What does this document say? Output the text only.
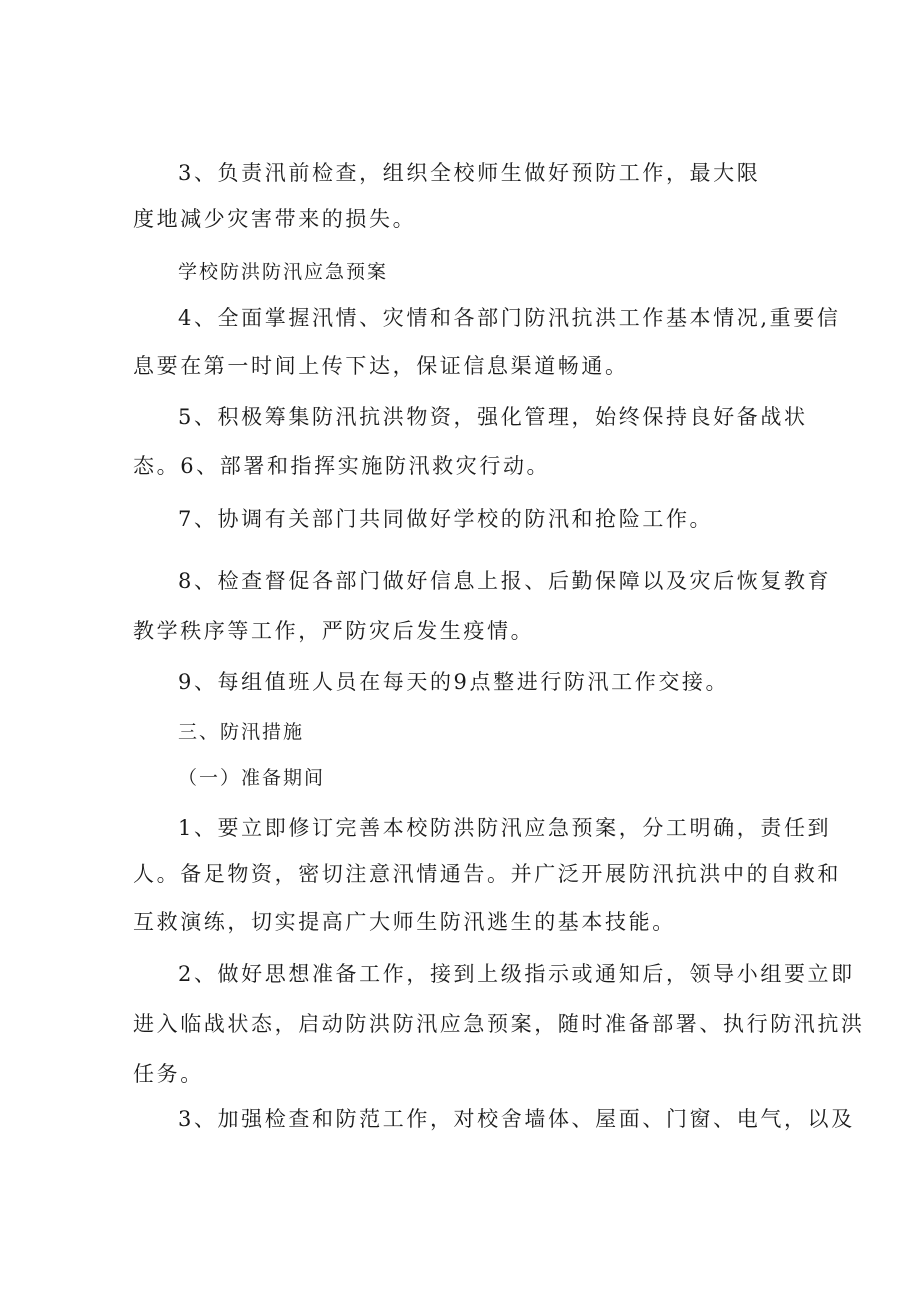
3、负责汛前检查，组织全校师生做好预防工作，最大限
度地减少灾害带来的损失。
学校防洪防汛应急预案
4、全面掌握汛情、灾情和各部门防汛抗洪工作基本情况,重要信
息要在第一时间上传下达，保证信息渠道畅通。
5、积极筹集防汛抗洪物资，强化管理，始终保持良好备战状
态。6、部署和指挥实施防汛救灾行动。
7、协调有关部门共同做好学校的防汛和抢险工作。
8、检查督促各部门做好信息上报、后勤保障以及灾后恢复教育
教学秩序等工作，严防灾后发生疫情。
9、每组值班人员在每天的9点整进行防汛工作交接。
三、防汛措施
（一）准备期间
1、要立即修订完善本校防洪防汛应急预案，分工明确，责任到
人。备足物资，密切注意汛情通告。并广泛开展防汛抗洪中的自救和
互救演练，切实提高广大师生防汛逃生的基本技能。
2、做好思想准备工作，接到上级指示或通知后，领导小组要立即
进入临战状态，启动防洪防汛应急预案，随时准备部署、执行防汛抗洪
任务。
3、加强检查和防范工作，对校舍墙体、屋面、门窗、电气，以及
